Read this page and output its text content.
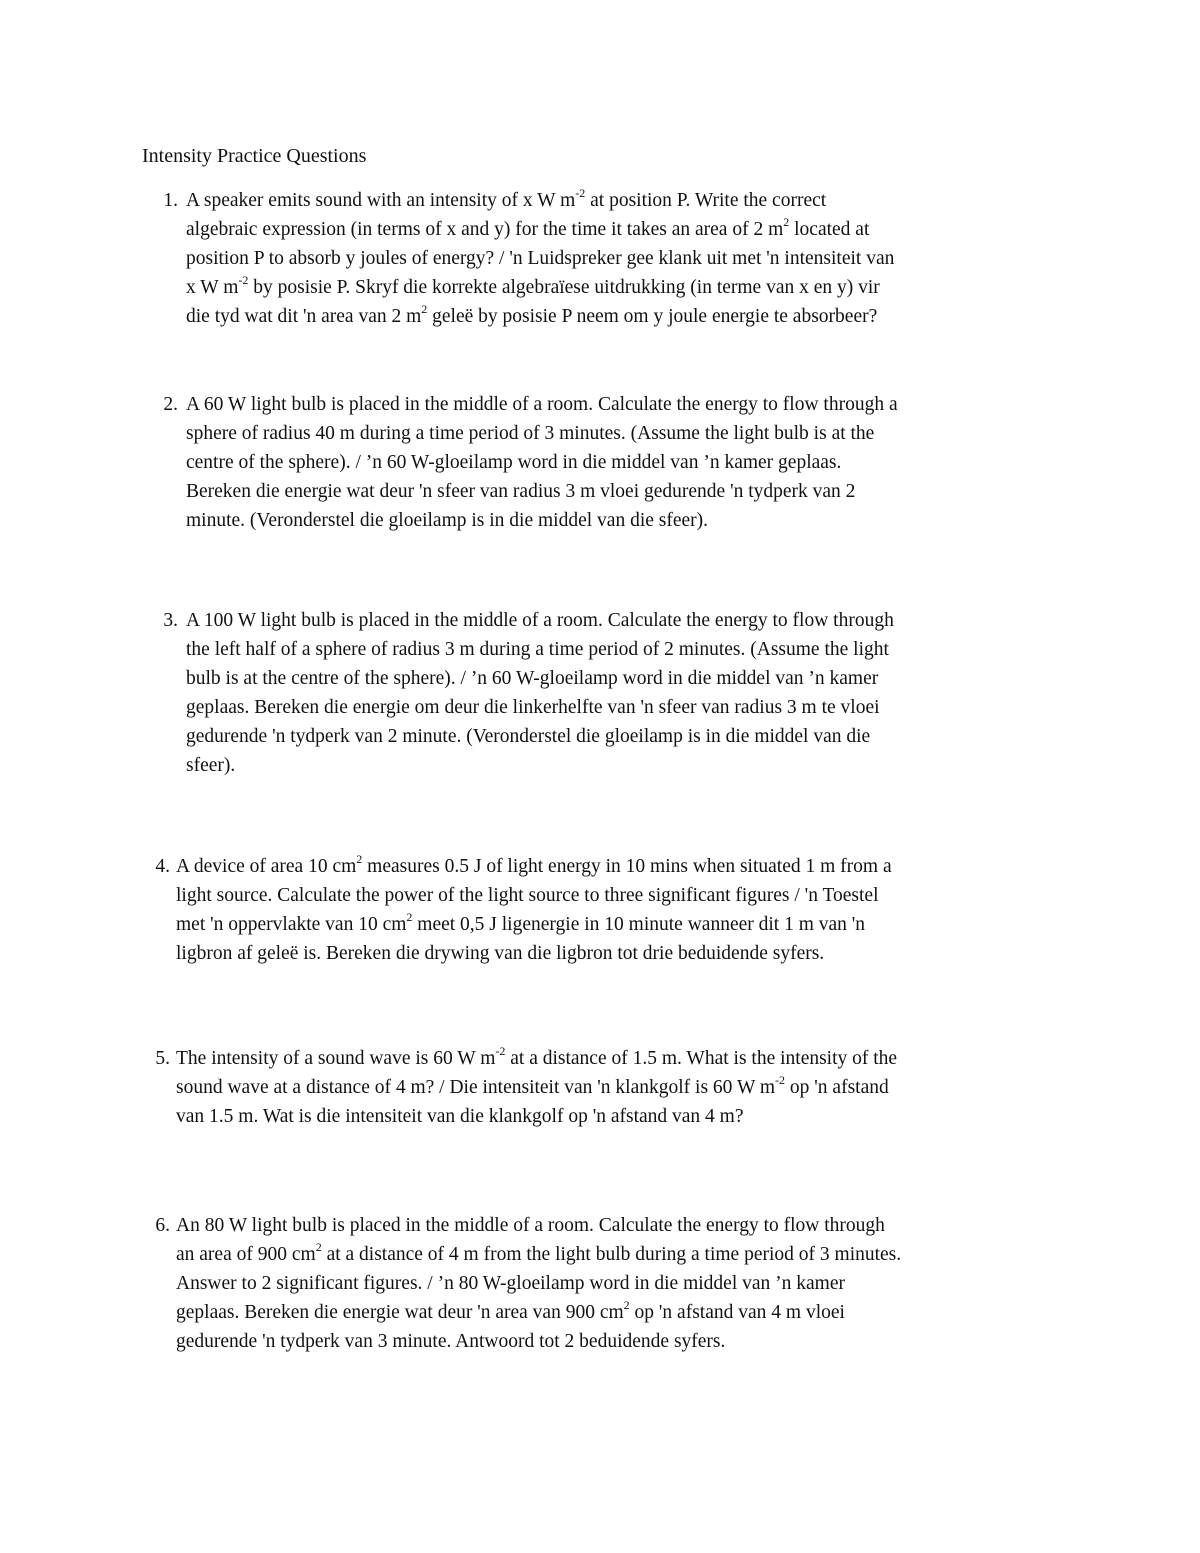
Intensity Practice Questions
1. A speaker emits sound with an intensity of x W $m^{-2}$ at position P. Write the correct
algebraic expression (in terms of x and y) for the time it takes an area of 2 $m^2$ located at
position P to absorb y joules of energy? / 'n Luidspreker gee klank uit met 'n intensiteit van
x W $m^{-2}$ by posisie P. Skryf die korrekte algebraïese uitdrukking (in terme van x en y) vir
die tyd wat dit 'n area van 2 $m^2$ geleë by posisie P neem om y joule energie te absorbeer?
2. A 60 W light bulb is placed in the middle of a room. Calculate the energy to flow through a
sphere of radius 40 m during a time period of 3 minutes. (Assume the light bulb is at the
centre of the sphere). / ’n 60 W-gloeilamp word in die middel van ’n kamer geplaas.
Bereken die energie wat deur 'n sfeer van radius 3 m vloei gedurende 'n tydperk van 2
minute. (Veronderstel die gloeilamp is in die middel van die sfeer).
3. A 100 W light bulb is placed in the middle of a room. Calculate the energy to flow through
the left half of a sphere of radius 3 m during a time period of 2 minutes. (Assume the light
bulb is at the centre of the sphere). / ’n 60 W-gloeilamp word in die middel van ’n kamer
geplaas. Bereken die energie om deur die linkerhelfte van 'n sfeer van radius 3 m te vloei
gedurende 'n tydperk van 2 minute. (Veronderstel die gloeilamp is in die middel van die
sfeer).
4. A device of area 10 $cm^2$ measures 0.5 J of light energy in 10 mins when situated 1 m from a
light source. Calculate the power of the light source to three significant figures / 'n Toestel
met 'n oppervlakte van 10 $cm^2$ meet 0,5 J ligenergie in 10 minute wanneer dit 1 m van 'n
ligbron af geleë is. Bereken die drywing van die ligbron tot drie beduidende syfers.
5. The intensity of a sound wave is 60 W $m^{-2}$ at a distance of 1.5 m. What is the intensity of the
sound wave at a distance of 4 m? / Die intensiteit van 'n klankgolf is 60 W $m^{-2}$ op 'n afstand
van 1.5 m. Wat is die intensiteit van die klankgolf op 'n afstand van 4 m?
6. An 80 W light bulb is placed in the middle of a room. Calculate the energy to flow through
an area of 900 $cm^2$ at a distance of 4 m from the light bulb during a time period of 3 minutes.
Answer to 2 significant figures. / ’n 80 W-gloeilamp word in die middel van ’n kamer
geplaas. Bereken die energie wat deur 'n area van 900 $cm^2$ op 'n afstand van 4 m vloei
gedurende 'n tydperk van 3 minute. Antwoord tot 2 beduidende syfers.
